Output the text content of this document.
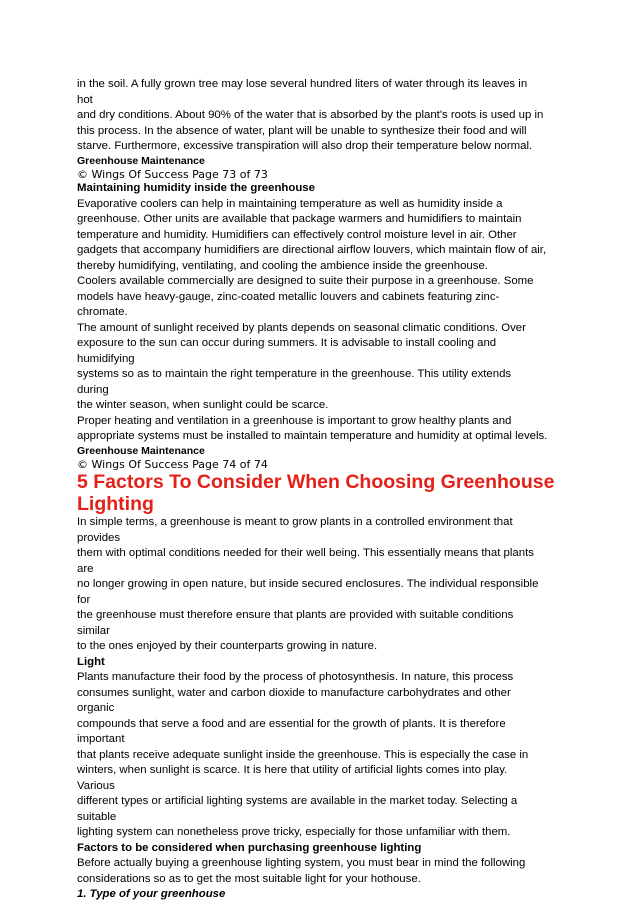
in the soil. A fully grown tree may lose several hundred liters of water through its leaves in
hot
and dry conditions. About 90% of the water that is absorbed by the plant's roots is used up in
this process. In the absence of water, plant will be unable to synthesize their food and will
starve. Furthermore, excessive transpiration will also drop their temperature below normal.
Greenhouse Maintenance
© Wings Of Success Page 73 of 73
Maintaining humidity inside the greenhouse
Evaporative coolers can help in maintaining temperature as well as humidity inside a
greenhouse. Other units are available that package warmers and humidifiers to maintain
temperature and humidity. Humidifiers can effectively control moisture level in air. Other
gadgets that accompany humidifiers are directional airflow louvers, which maintain flow of air,
thereby humidifying, ventilating, and cooling the ambience inside the greenhouse.
Coolers available commercially are designed to suite their purpose in a greenhouse. Some
models have heavy-gauge, zinc-coated metallic louvers and cabinets featuring zinc-
chromate.
The amount of sunlight received by plants depends on seasonal climatic conditions. Over
exposure to the sun can occur during summers. It is advisable to install cooling and
humidifying
systems so as to maintain the right temperature in the greenhouse. This utility extends
during
the winter season, when sunlight could be scarce.
Proper heating and ventilation in a greenhouse is important to grow healthy plants and
appropriate systems must be installed to maintain temperature and humidity at optimal levels.
Greenhouse Maintenance
© Wings Of Success Page 74 of 74
5 Factors To Consider When Choosing Greenhouse
Lighting
In simple terms, a greenhouse is meant to grow plants in a controlled environment that
provides
them with optimal conditions needed for their well being. This essentially means that plants
are
no longer growing in open nature, but inside secured enclosures. The individual responsible
for
the greenhouse must therefore ensure that plants are provided with suitable conditions
similar
to the ones enjoyed by their counterparts growing in nature.
Light
Plants manufacture their food by the process of photosynthesis. In nature, this process
consumes sunlight, water and carbon dioxide to manufacture carbohydrates and other
organic
compounds that serve a food and are essential for the growth of plants. It is therefore
important
that plants receive adequate sunlight inside the greenhouse. This is especially the case in
winters, when sunlight is scarce. It is here that utility of artificial lights comes into play.
Various
different types or artificial lighting systems are available in the market today. Selecting a
suitable
lighting system can nonetheless prove tricky, especially for those unfamiliar with them.
Factors to be considered when purchasing greenhouse lighting
Before actually buying a greenhouse lighting system, you must bear in mind the following
considerations so as to get the most suitable light for your hothouse.
1. Type of your greenhouse
